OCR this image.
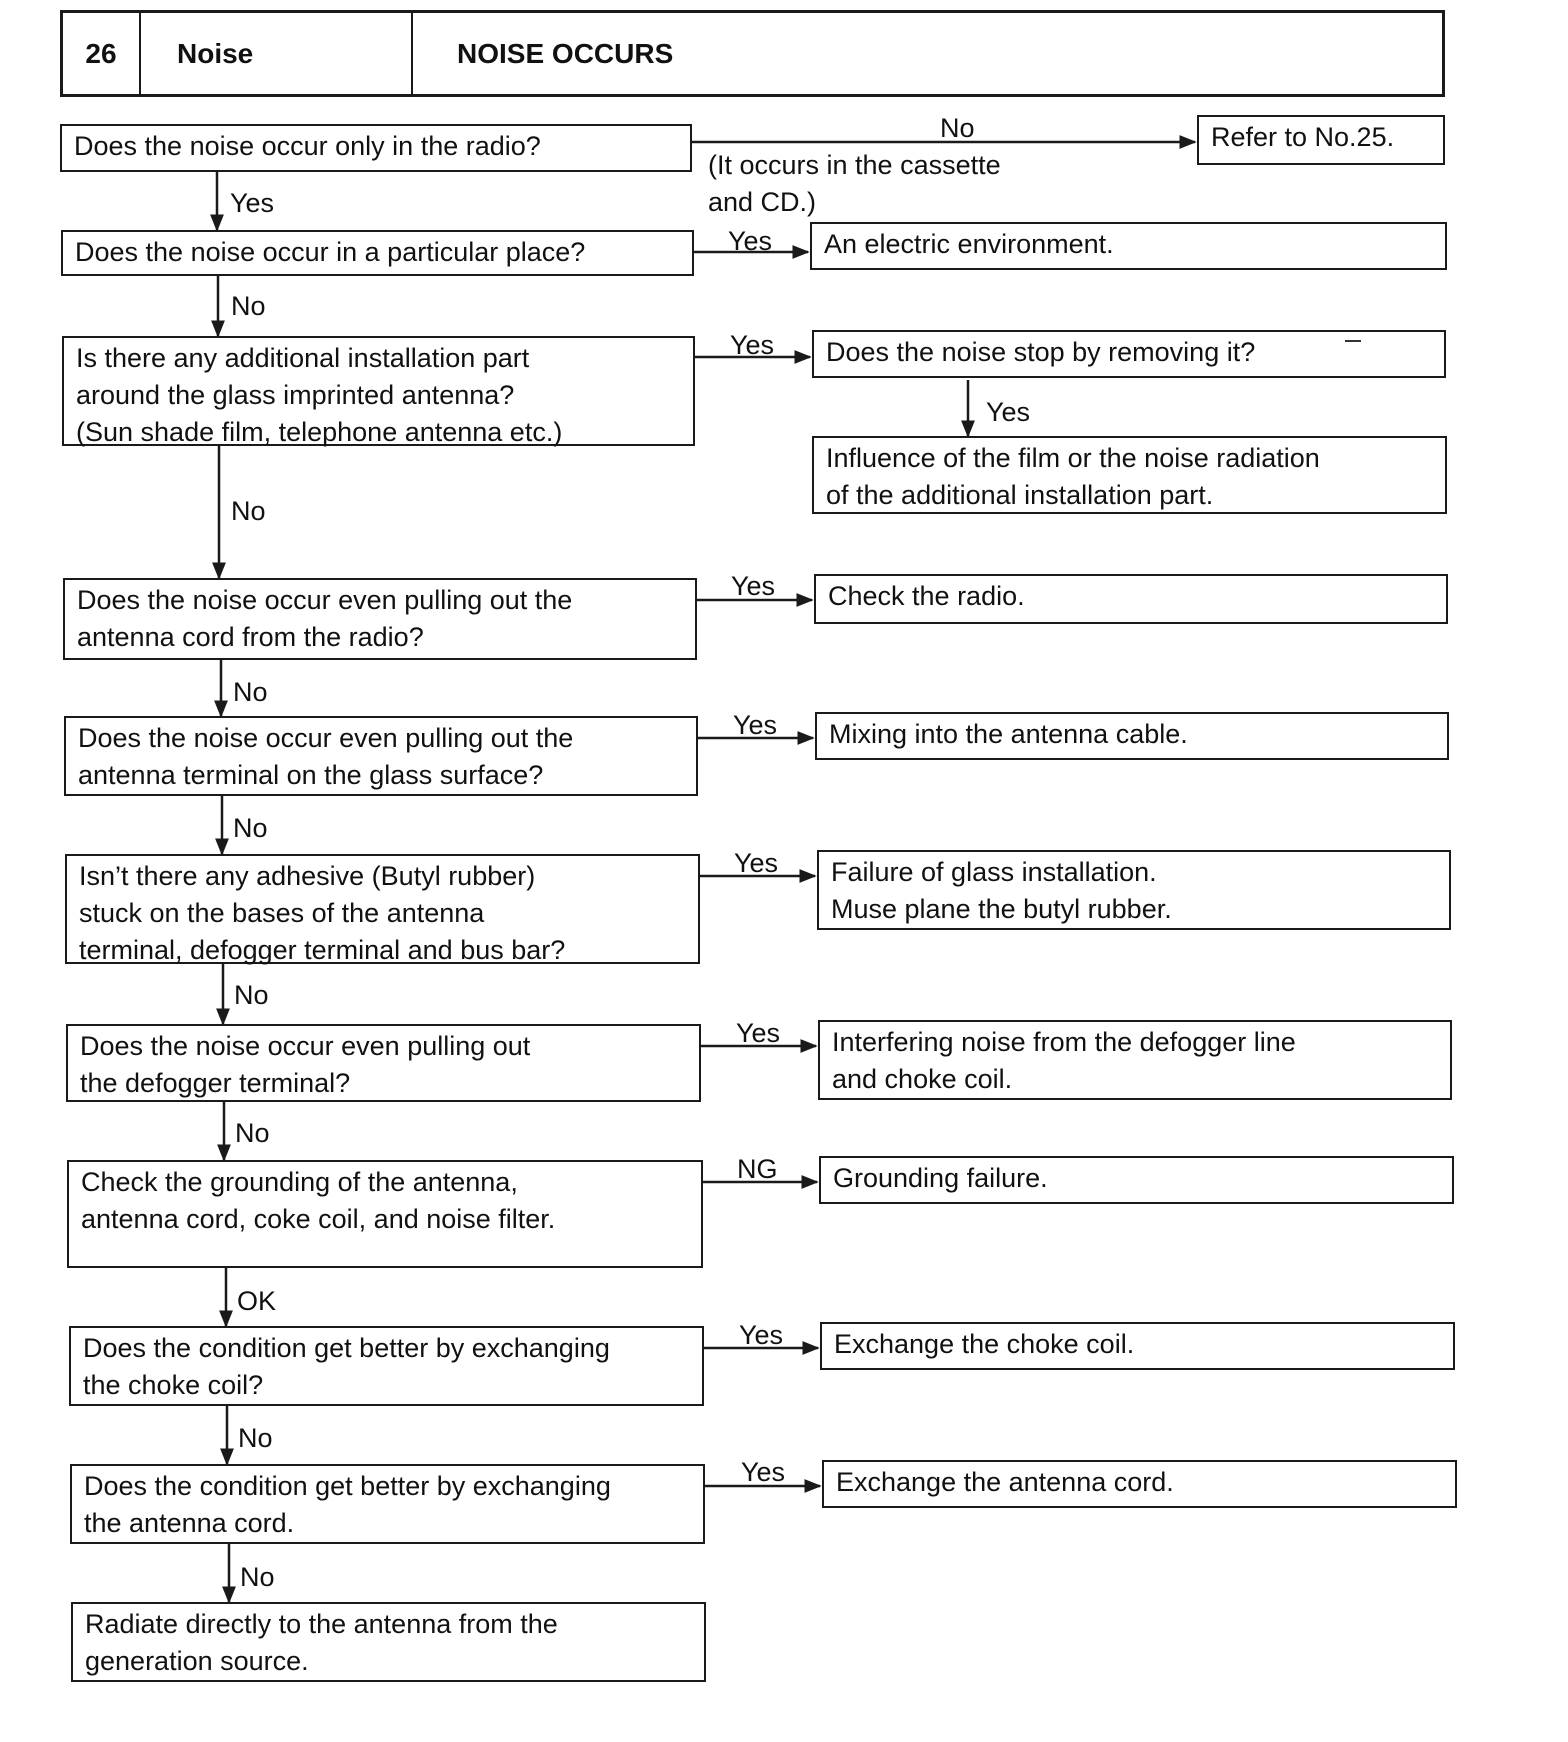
26	Noise	NOISE OCCURS
Does the noise occur only in the radio?	Refer to No.25.
Does the noise occur in a particular place?	An electric environment.
Is there any additional installation part
around the glass imprinted antenna?
(Sun shade film, telephone antenna etc.)
Does the noise stop by removing it?
Influence of the film or the noise radiation
of the additional installation part.
Does the noise occur even pulling out the
antenna cord from the radio?
Check the radio.
Does the noise occur even pulling out the
antenna terminal on the glass surface?
Mixing into the antenna cable.
Isn’t there any adhesive (Butyl rubber)
stuck on the bases of the antenna
terminal, defogger terminal and bus bar?
Failure of glass installation.
Muse plane the butyl rubber.
Does the noise occur even pulling out
the defogger terminal?
Interfering noise from the defogger line
and choke coil.
Check the grounding of the antenna,
antenna cord, coke coil, and noise filter.
Grounding failure.
Does the condition get better by exchanging
the choke coil?
Exchange the choke coil.
Does the condition get better by exchanging
the antenna cord.
Exchange the antenna cord.
Radiate directly to the antenna from the
generation source.
No
(It occurs in the cassette
and CD.)
Yes
Yes
No
Yes
Yes
No
Yes
No
Yes
No
Yes
No
Yes
No
NG
OK
Yes
No
Yes
No
